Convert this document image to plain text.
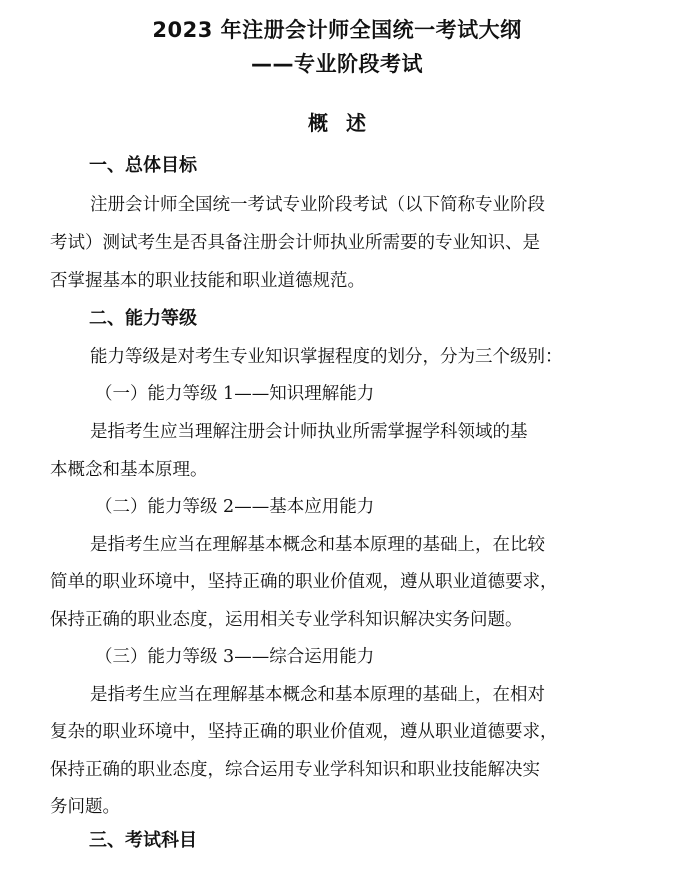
2023 年注册会计师全国统一考试大纲
——专业阶段考试
概述
一、总体目标
注册会计师全国统一考试专业阶段考试（以下简称专业阶段
考试）测试考生是否具备注册会计师执业所需要的专业知识、是
否掌握基本的职业技能和职业道德规范。
二、能力等级
能力等级是对考生专业知识掌握程度的划分，分为三个级别：
（一）能力等级 1——知识理解能力
是指考生应当理解注册会计师执业所需掌握学科领域的基
本概念和基本原理。
（二）能力等级 2——基本应用能力
是指考生应当在理解基本概念和基本原理的基础上，在比较
简单的职业环境中，坚持正确的职业价值观，遵从职业道德要求，
保持正确的职业态度，运用相关专业学科知识解决实务问题。
（三）能力等级 3——综合运用能力
是指考生应当在理解基本概念和基本原理的基础上，在相对
复杂的职业环境中，坚持正确的职业价值观，遵从职业道德要求，
保持正确的职业态度，综合运用专业学科知识和职业技能解决实
务问题。
三、考试科目
